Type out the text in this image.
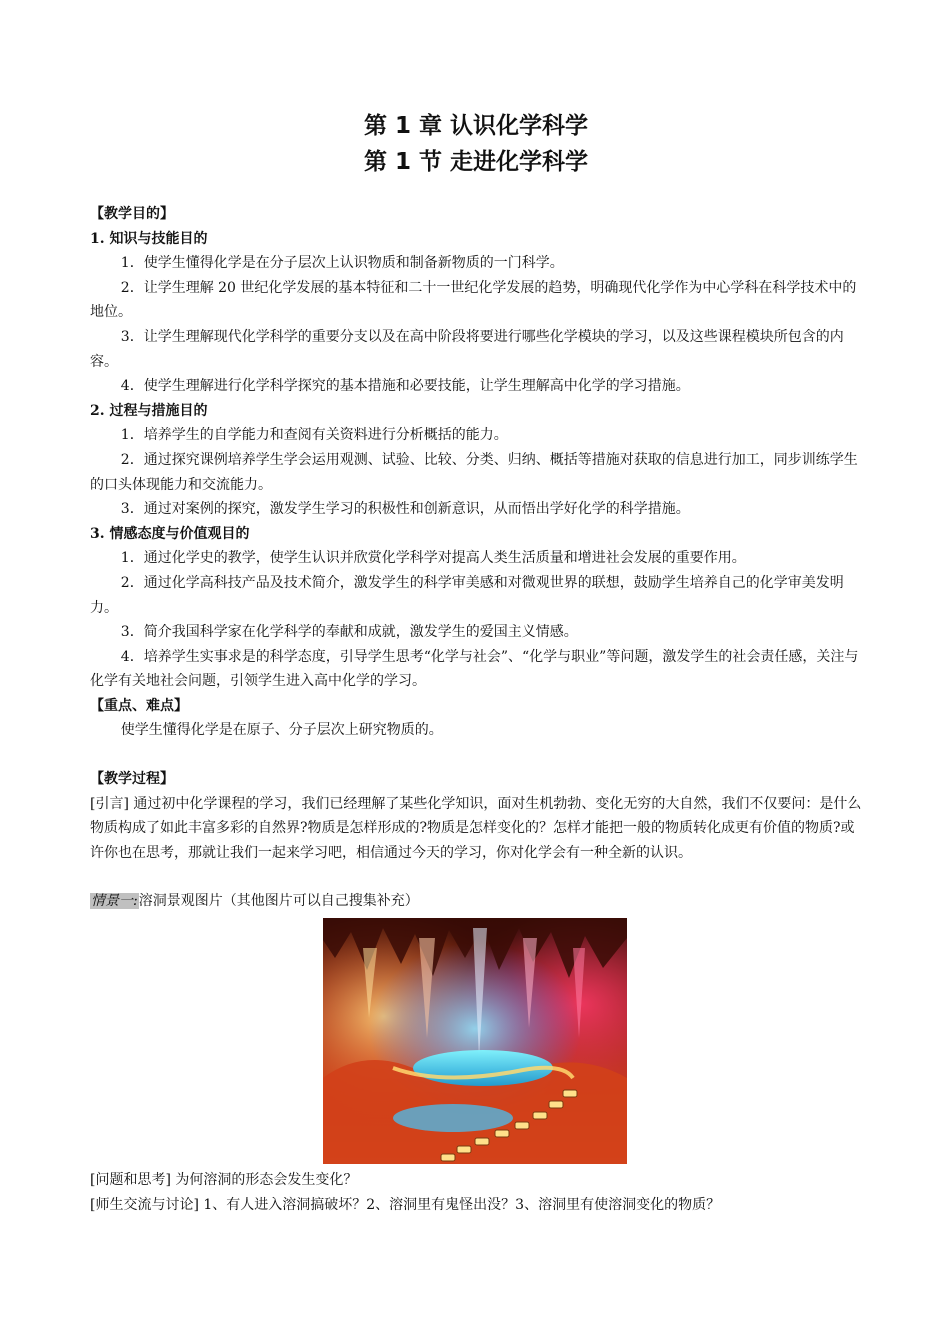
第 1 章 认识化学科学
第 1 节 走进化学科学

【教学目的】

1. 知识与技能目的

1．使学生懂得化学是在分子层次上认识物质和制备新物质的一门科学。

2．让学生理解 20 世纪化学发展的基本特征和二十一世纪化学发展的趋势，明确现代化学作为中心学科在科学技术中的地位。

3．让学生理解现代化学科学的重要分支以及在高中阶段将要进行哪些化学模块的学习，以及这些课程模块所包含的内容。

4．使学生理解进行化学科学探究的基本措施和必要技能，让学生理解高中化学的学习措施。

2. 过程与措施目的

1．培养学生的自学能力和查阅有关资料进行分析概括的能力。

2．通过探究课例培养学生学会运用观测、试验、比较、分类、归纳、概括等措施对获取的信息进行加工，同步训练学生的口头体现能力和交流能力。

3．通过对案例的探究，激发学生学习的积极性和创新意识，从而悟出学好化学的科学措施。

3. 情感态度与价值观目的

1．通过化学史的教学，使学生认识并欣赏化学科学对提高人类生活质量和增进社会发展的重要作用。

2．通过化学高科技产品及技术简介，激发学生的科学审美感和对微观世界的联想，鼓励学生培养自己的化学审美发明力。

3．简介我国科学家在化学科学的奉献和成就，激发学生的爱国主义情感。

4．培养学生实事求是的科学态度，引导学生思考“化学与社会”、“化学与职业”等问题，激发学生的社会责任感，关注与化学有关地社会问题，引领学生进入高中化学的学习。

【重点、难点】

使学生懂得化学是在原子、分子层次上研究物质的。

【教学过程】

[引言] 通过初中化学课程的学习，我们已经理解了某些化学知识，面对生机勃勃、变化无穷的大自然，我们不仅要问：是什么物质构成了如此丰富多彩的自然界?物质是怎样形成的?物质是怎样变化的？怎样才能把一般的物质转化成更有价值的物质?或许你也在思考，那就让我们一起来学习吧，相信通过今天的学习，你对化学会有一种全新的认识。

情景一:溶洞景观图片（其他图片可以自己搜集补充）

[问题和思考] 为何溶洞的形态会发生变化？

[师生交流与讨论] 1、有人进入溶洞搞破坏？2、溶洞里有鬼怪出没？3、溶洞里有使溶洞变化的物质？
